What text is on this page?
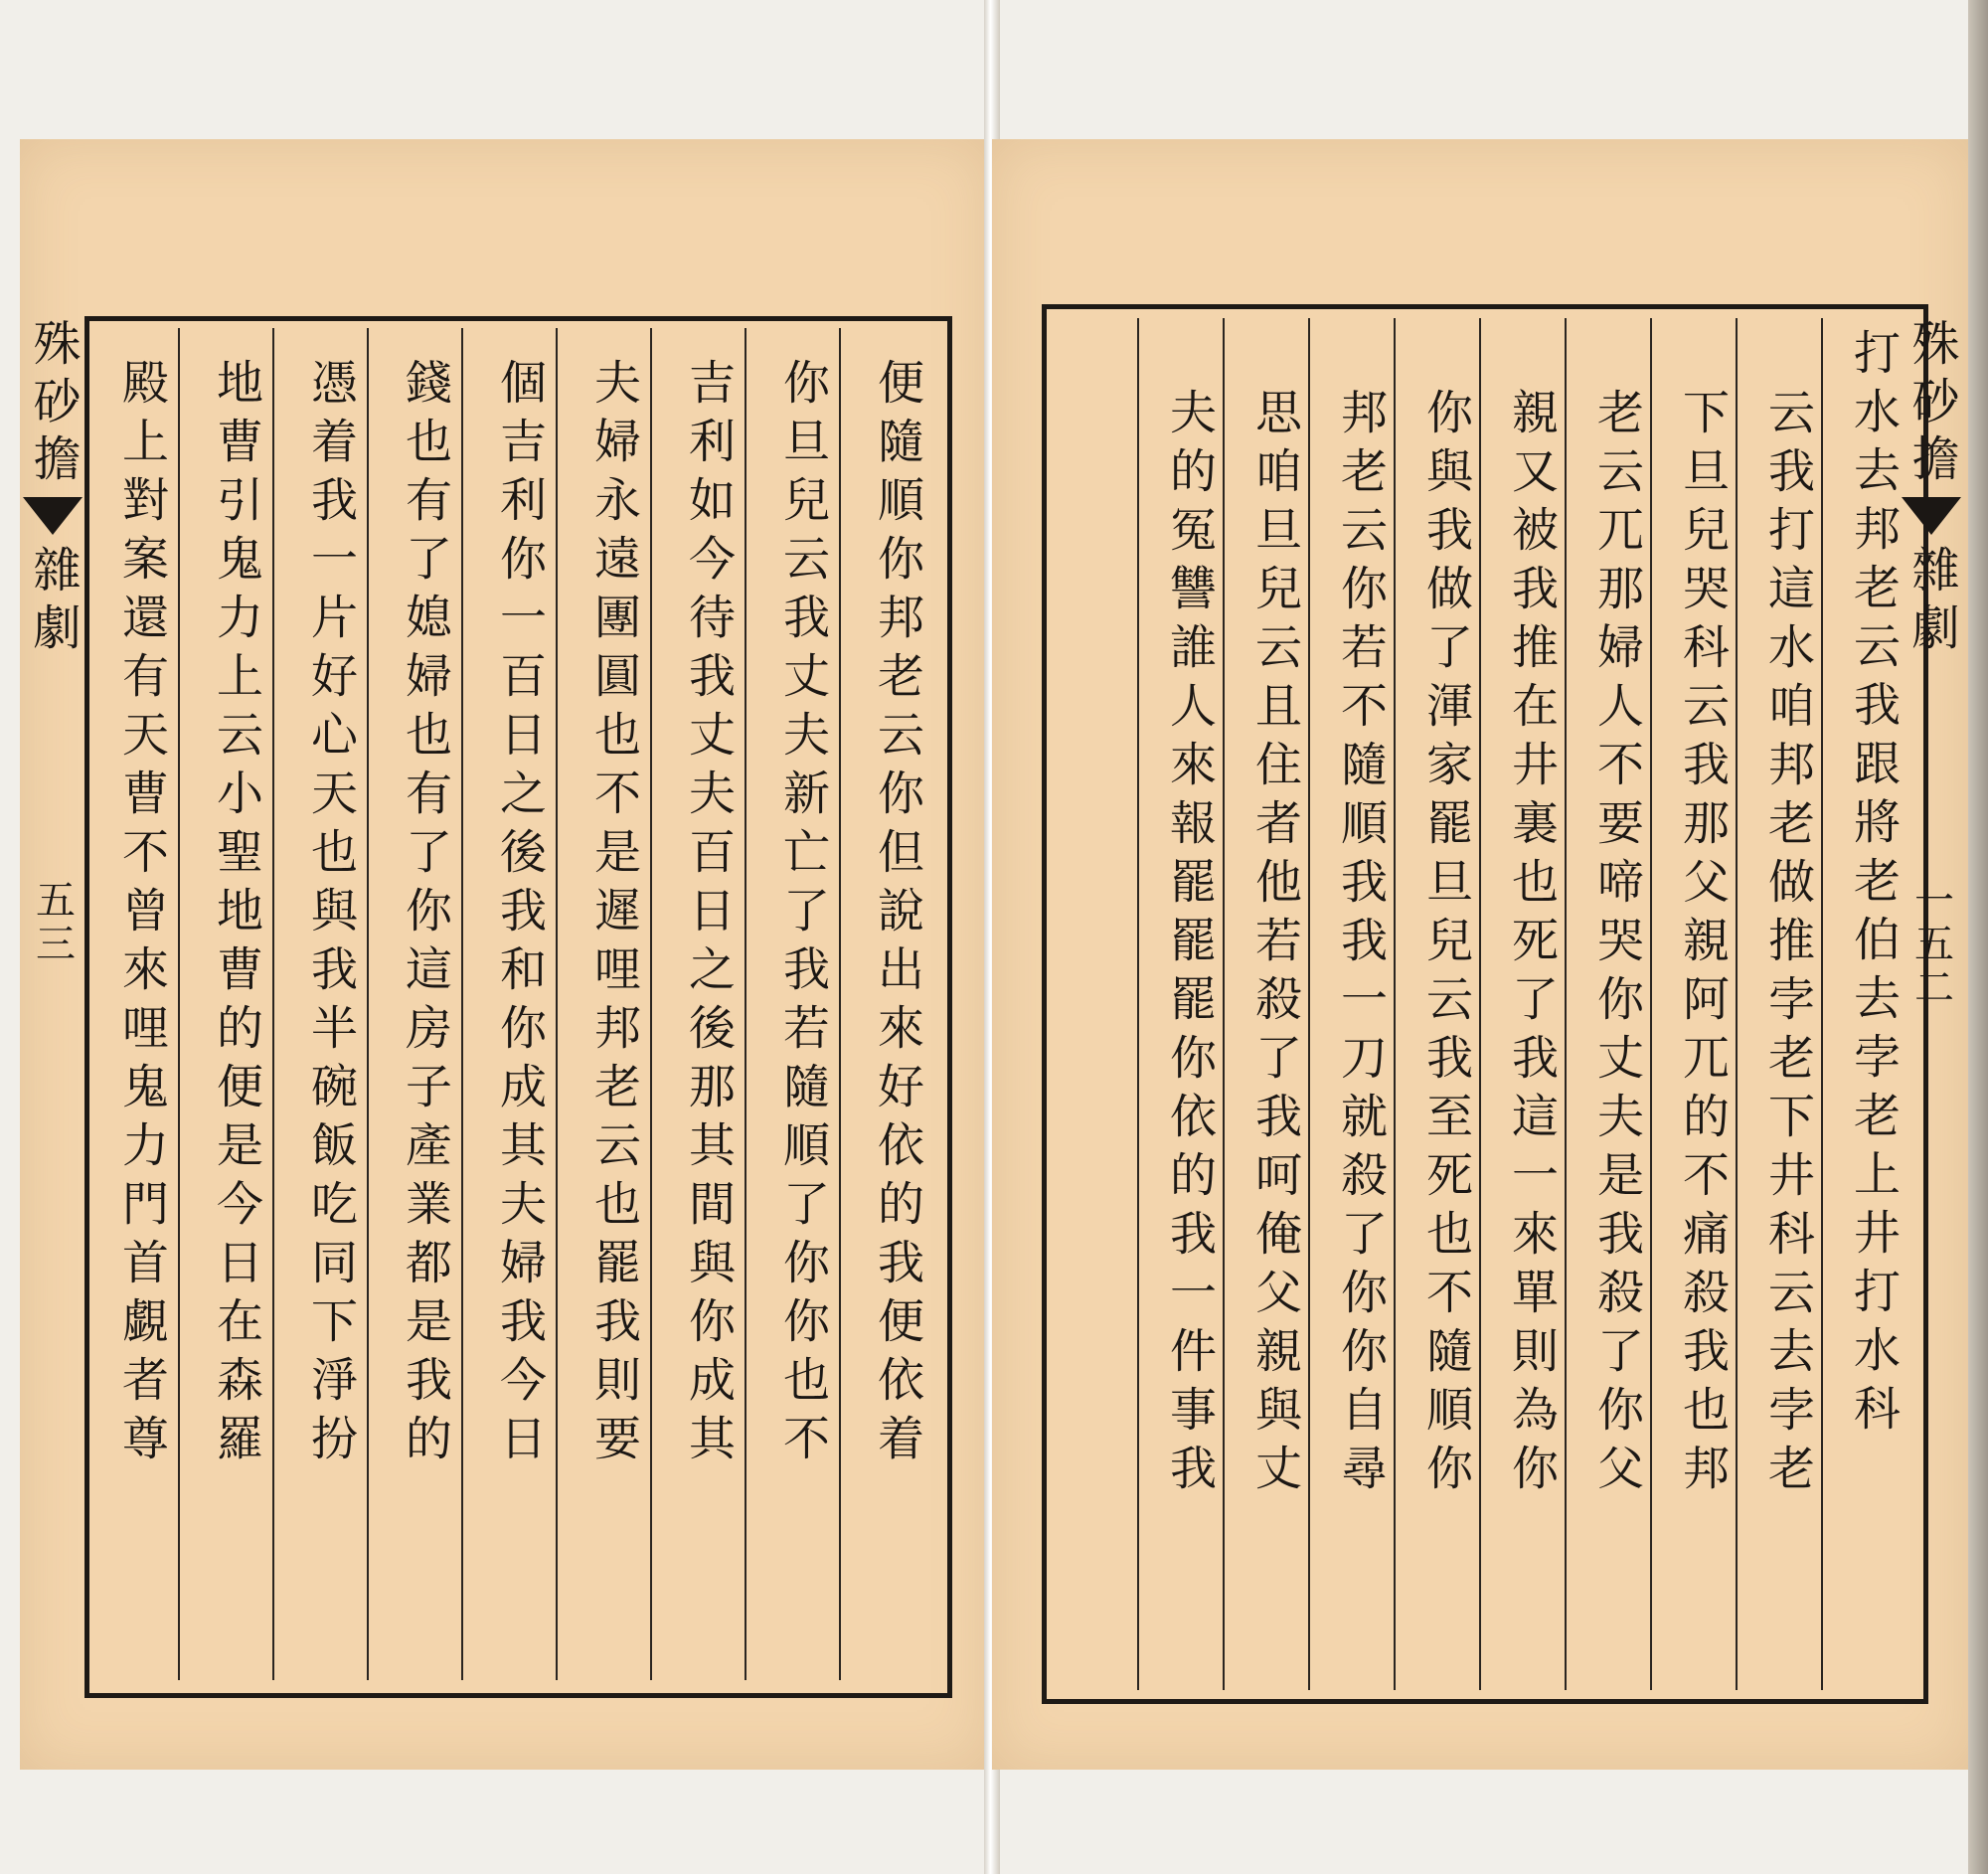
殊砂擔
雜劇
五三	便隨順你邦老云你但說出來好依的我便依着
你旦兒云我丈夫新亡了我若隨順了你你也不
吉利如今待我丈夫百日之後那其間與你成其
夫婦永遠團圓也不是遲哩邦老云也罷我則要
個吉利你一百日之後我和你成其夫婦我今日
錢也有了媳婦也有了你這房子產業都是我的
憑着我一片好心天也與我半碗飯吃同下淨扮
地曹引鬼力上云小聖地曹的便是今日在森羅
殿上對案還有天曹不曾來哩鬼力門首覷者尊	殊砂擔
雜劇
一五二
打水去邦老云我跟將老伯去孛老上井打水科
云我打這水咱邦老做推孛老下井科云去孛老
下旦兒哭科云我那父親阿兀的不痛殺我也邦
老云兀那婦人不要啼哭你丈夫是我殺了你父
親又被我推在井裏也死了我這一來單則為你
你與我做了渾家罷旦兒云我至死也不隨順你
邦老云你若不隨順我我一刀就殺了你你自尋
思咱旦兒云且住者他若殺了我呵俺父親與丈
夫的冤讐誰人來報罷罷罷你依的我一件事我
